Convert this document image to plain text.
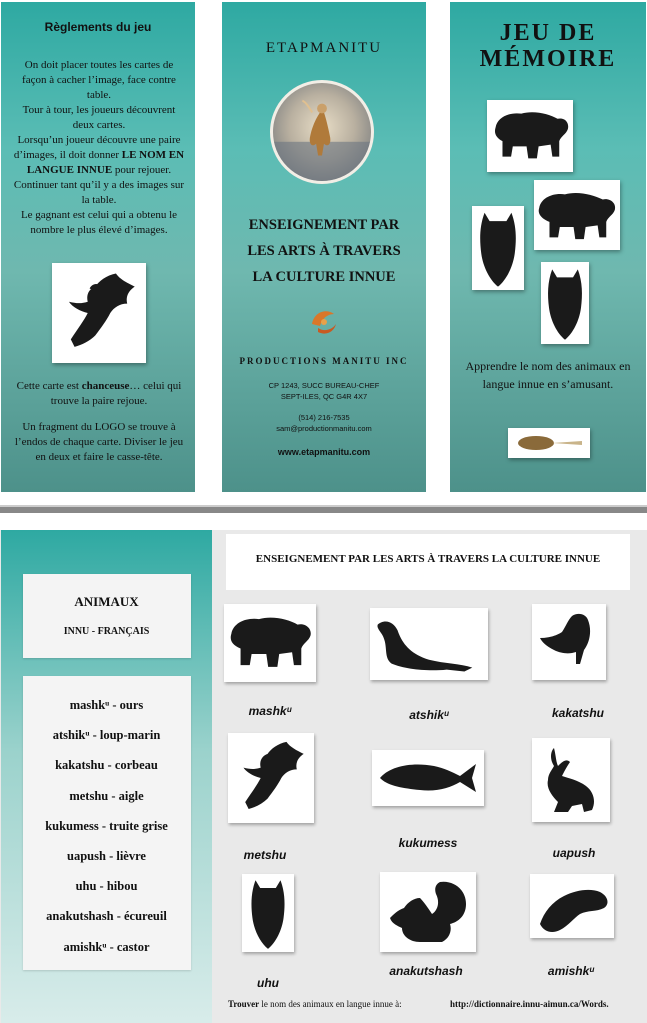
Règlements du jeu
On doit placer toutes les cartes de façon à cacher l’image, face contre table.
Tour à tour, les joueurs découvrent deux cartes.
Lorsqu’un joueur découvre une paire d’images, il doit donner LE NOM EN LANGUE INNUE pour rejouer.
Continuer tant qu’il y a des images sur la table.
Le gagnant est celui qui a obtenu le nombre le plus élevé d’images.
Cette carte est chanceuse… celui qui trouve la paire rejoue.
Un fragment du LOGO se trouve à l’endos de chaque carte. Diviser le jeu en deux et faire le casse-tête.
ETAPMANITU
ENSEIGNEMENT PAR
LES ARTS À TRAVERS
LA CULTURE INNUE
PRODUCTIONS MANITU INC
CP 1243, SUCC BUREAU-CHEF
SEPT-ILES, QC G4R 4X7
(514) 216-7535
sam@productionmanitu.com
www.etapmanitu.com
JEU DE
MÉMOIRE
Apprendre le nom des animaux en langue innue en s’amusant.
ANIMAUX
INNU - FRANÇAIS
mashkᵘ - ours
atshikᵘ - loup-marin
kakatshu - corbeau
metshu - aigle
kukumess - truite grise
uapush - lièvre
uhu - hibou
anakutshash - écureuil
amishkᵘ - castor
ENSEIGNEMENT PAR LES ARTS À TRAVERS LA CULTURE INNUE
mashkᵘ	atshikᵘ	kakatshu
metshu
kukumess
uapush
uhu
anakutshash	amishkᵘ
Trouver le nom des animaux en langue innue à:	http://dictionnaire.innu-aimun.ca/Words.
